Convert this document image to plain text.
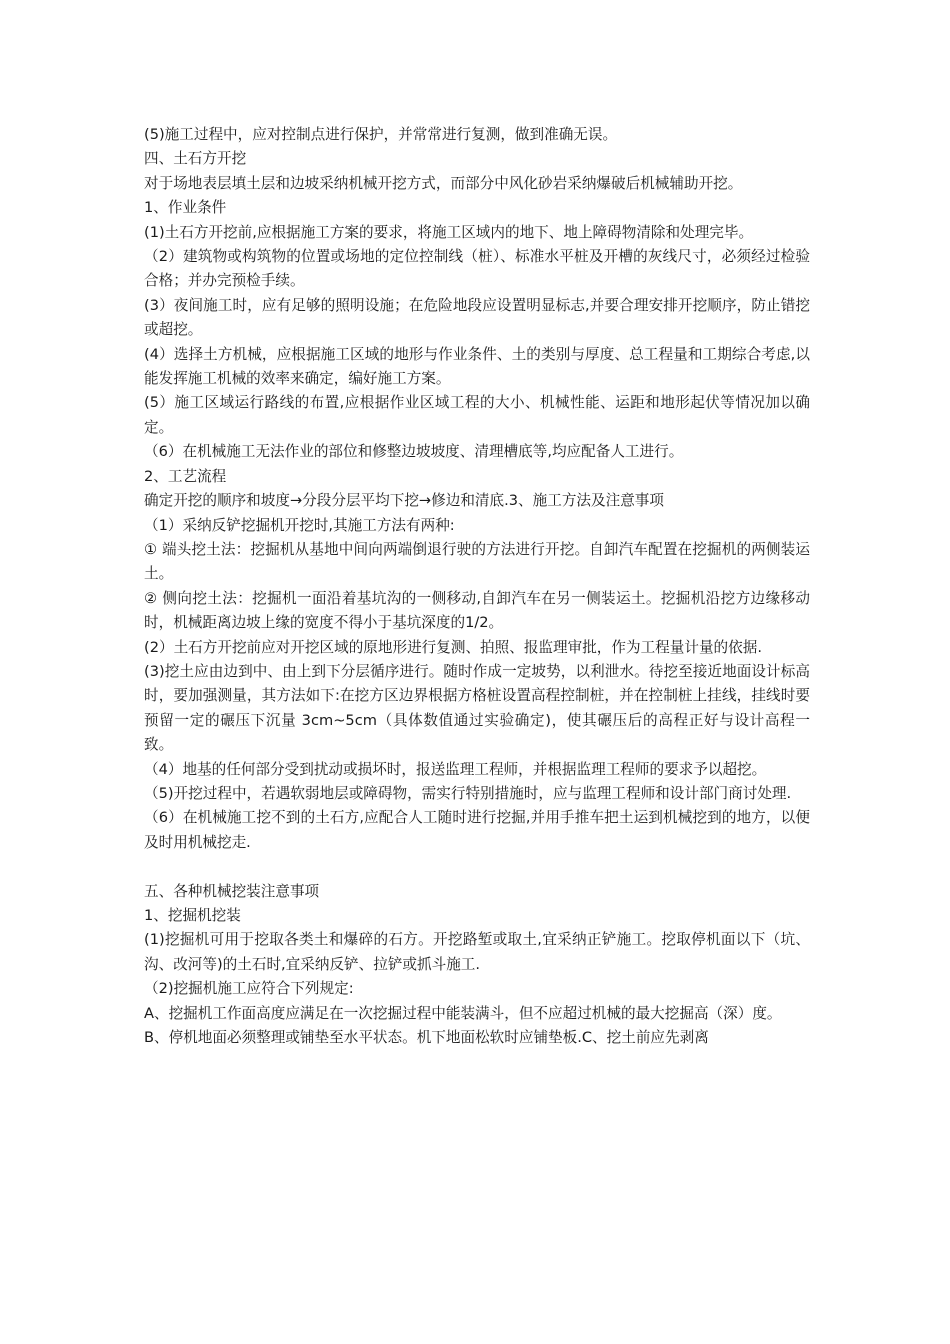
(5)施工过程中，应对控制点进行保护，并常常进行复测，做到准确无误。

四、土石方开挖

对于场地表层填土层和边坡采纳机械开挖方式，而部分中风化砂岩采纳爆破后机械辅助开挖。

1、作业条件

(1)土石方开挖前,应根据施工方案的要求，将施工区域内的地下、地上障碍物清除和处理完毕。

（2）建筑物或构筑物的位置或场地的定位控制线（桩）、标准水平桩及开槽的灰线尺寸，必须经过检验合格；并办完预检手续。

(3）夜间施工时，应有足够的照明设施；在危险地段应设置明显标志,并要合理安排开挖顺序，防止错挖或超挖。

(4）选择土方机械，应根据施工区域的地形与作业条件、土的类别与厚度、总工程量和工期综合考虑,以能发挥施工机械的效率来确定，编好施工方案。

(5）施工区域运行路线的布置,应根据作业区域工程的大小、机械性能、运距和地形起伏等情况加以确定。

（6）在机械施工无法作业的部位和修整边坡坡度、清理槽底等,均应配备人工进行。

2、工艺流程

确定开挖的顺序和坡度→分段分层平均下挖→修边和清底.3、施工方法及注意事项

（1）采纳反铲挖掘机开挖时,其施工方法有两种:

① 端头挖土法：挖掘机从基地中间向两端倒退行驶的方法进行开挖。自卸汽车配置在挖掘机的两侧装运土。

② 侧向挖土法：挖掘机一面沿着基坑沟的一侧移动,自卸汽车在另一侧装运土。挖掘机沿挖方边缘移动时，机械距离边坡上缘的宽度不得小于基坑深度的1/2。

(2）土石方开挖前应对开挖区域的原地形进行复测、拍照、报监理审批，作为工程量计量的依据.

(3)挖土应由边到中、由上到下分层循序进行。随时作成一定坡势，以利泄水。待挖至接近地面设计标高时，要加强测量，其方法如下:在挖方区边界根据方格桩设置高程控制桩，并在控制桩上挂线，挂线时要预留一定的碾压下沉量 3cm~5cm（具体数值通过实验确定)，使其碾压后的高程正好与设计高程一致。

（4）地基的任何部分受到扰动或损坏时，报送监理工程师，并根据监理工程师的要求予以超挖。

（5)开挖过程中，若遇软弱地层或障碍物，需实行特别措施时，应与监理工程师和设计部门商讨处理.

（6）在机械施工挖不到的土石方,应配合人工随时进行挖掘,并用手推车把土运到机械挖到的地方，以便及时用机械挖走.

五、各种机械挖装注意事项

1、挖掘机挖装

(1)挖掘机可用于挖取各类土和爆碎的石方。开挖路堑或取土,宜采纳正铲施工。挖取停机面以下（坑、沟、改河等)的土石时,宜采纳反铲、拉铲或抓斗施工.

（2)挖掘机施工应符合下列规定:

A、挖掘机工作面高度应满足在一次挖掘过程中能装满斗，但不应超过机械的最大挖掘高（深）度。

B、停机地面必须整理或铺垫至水平状态。机下地面松软时应铺垫板.C、挖土前应先剥离
